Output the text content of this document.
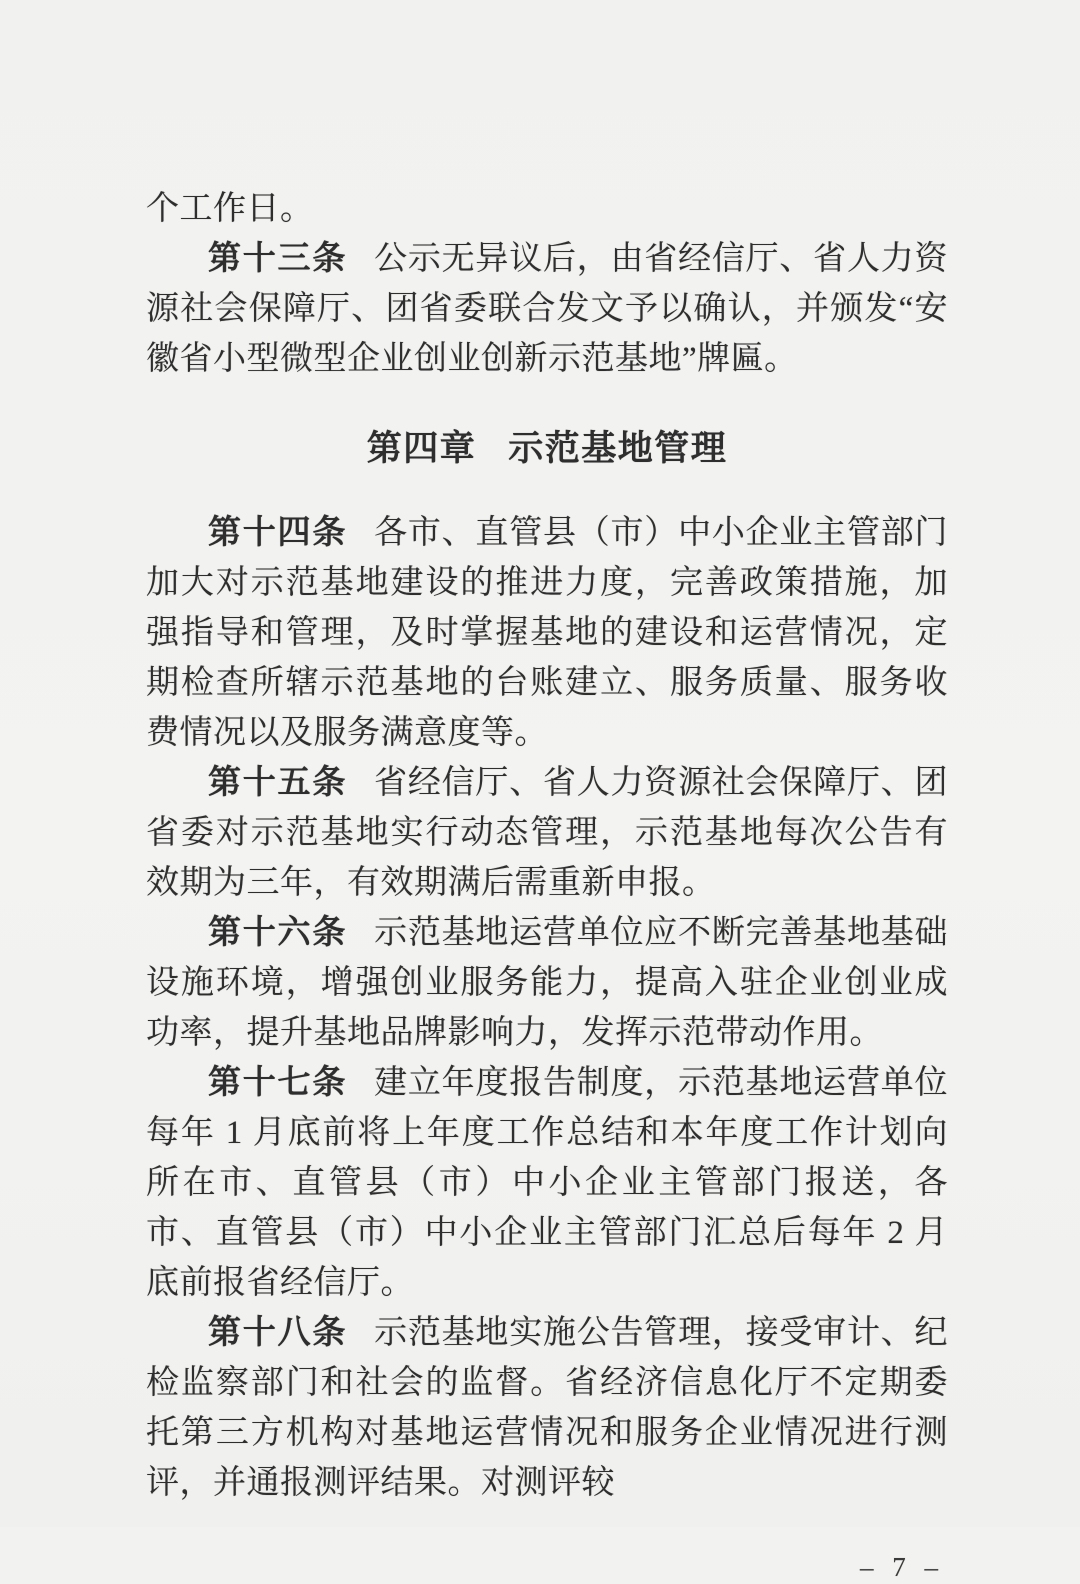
个工作日。

第十三条 公示无异议后，由省经信厅、省人力资源社会保障厅、团省委联合发文予以确认，并颁发“安徽省小型微型企业创业创新示范基地”牌匾。

第四章 示范基地管理

第十四条 各市、直管县（市）中小企业主管部门加大对示范基地建设的推进力度，完善政策措施，加强指导和管理，及时掌握基地的建设和运营情况，定期检查所辖示范基地的台账建立、服务质量、服务收费情况以及服务满意度等。

第十五条 省经信厅、省人力资源社会保障厅、团省委对示范基地实行动态管理，示范基地每次公告有效期为三年，有效期满后需重新申报。

第十六条 示范基地运营单位应不断完善基地基础设施环境，增强创业服务能力，提高入驻企业创业成功率，提升基地品牌影响力，发挥示范带动作用。

第十七条 建立年度报告制度，示范基地运营单位每年 1 月底前将上年度工作总结和本年度工作计划向所在市、直管县（市）中小企业主管部门报送，各市、直管县（市）中小企业主管部门汇总后每年 2 月底前报省经信厅。

第十八条 示范基地实施公告管理，接受审计、纪检监察部门和社会的监督。省经济信息化厅不定期委托第三方机构对基地运营情况和服务企业情况进行测评，并通报测评结果。对测评较

– 7 –
